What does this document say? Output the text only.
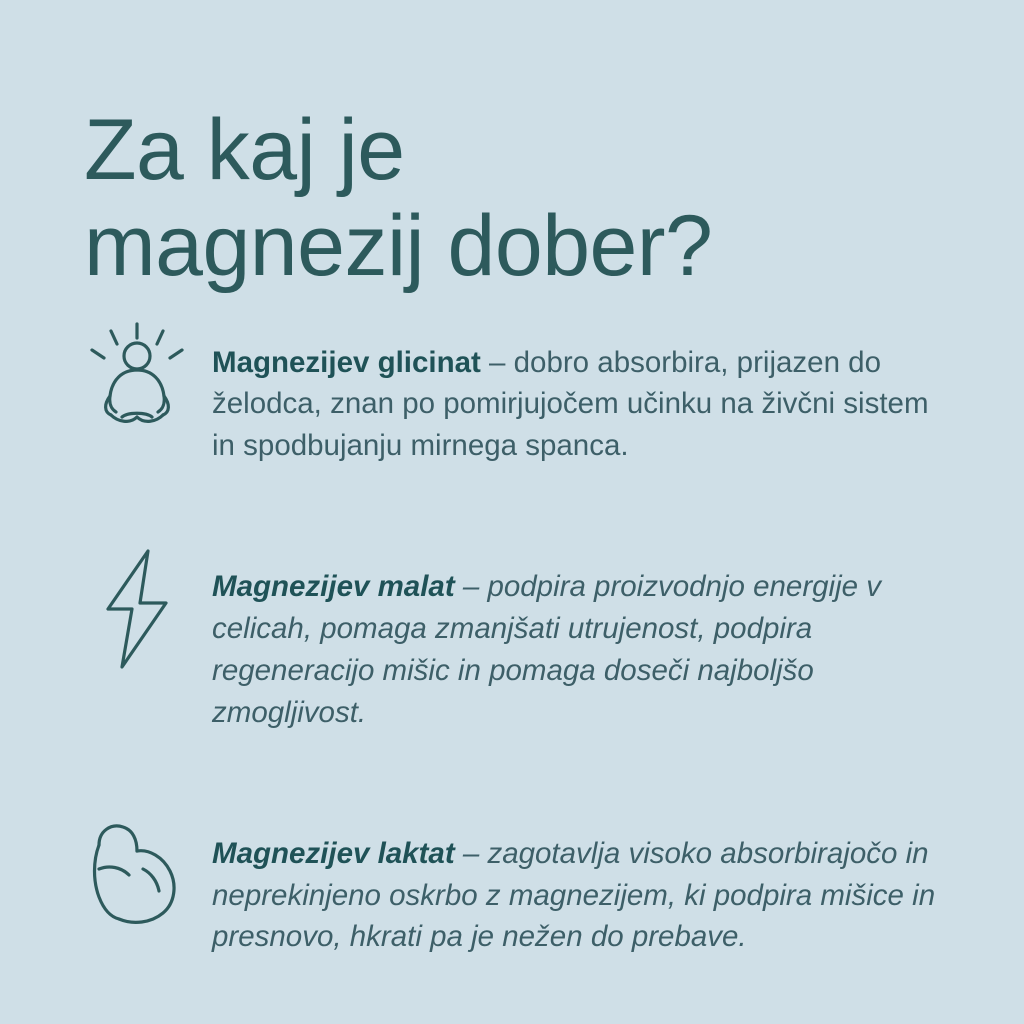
Za kaj je
magnezij dober?

Magnezijev glicinat – dobro absorbira, prijazen do želodca, znan po pomirjujočem učinku na živčni sistem in spodbujanju mirnega spanca.

Magnezijev malat – podpira proizvodnjo energije v celicah, pomaga zmanjšati utrujenost, podpira regeneracijo mišic in pomaga doseči najboljšo zmogljivost.

Magnezijev laktat – zagotavlja visoko absorbirajočo in neprekinjeno oskrbo z magnezijem, ki podpira mišice in presnovo, hkrati pa je nežen do prebave.
